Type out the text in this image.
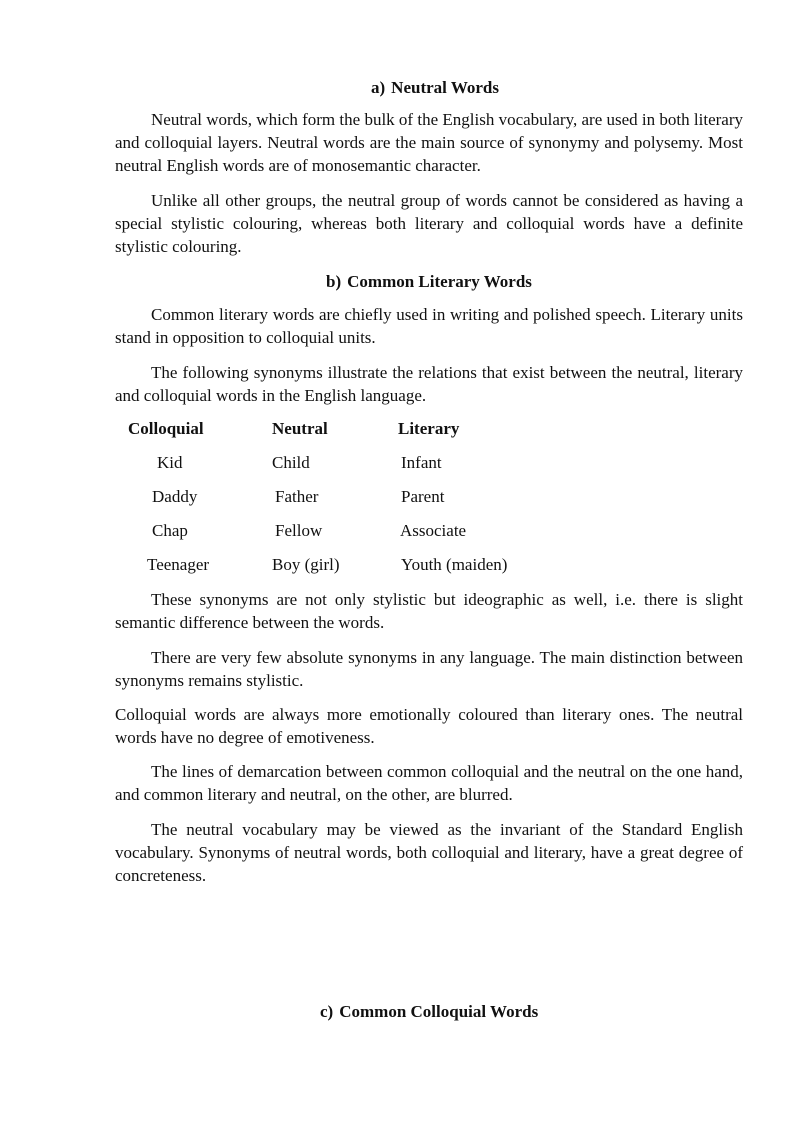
a) Neutral Words
Neutral words, which form the bulk of the English vocabulary, are used in both literary and colloquial layers. Neutral words are the main source of synonymy and polysemy. Most neutral English words are of monosemantic character.
Unlike all other groups, the neutral group of words cannot be considered as having a special stylistic colouring, whereas both literary and colloquial words have a definite stylistic colouring.
b) Common Literary Words
Common literary words are chiefly used in writing and polished speech. Literary units stand in opposition to colloquial units.
The following synonyms illustrate the relations that exist between the neutral, literary and colloquial words in the English language.
Colloquial	Neutral	Literary
Kid	Child	Infant
Daddy	Father	Parent
Chap	Fellow	Associate
Teenager	Boy (girl)	Youth (maiden)
These synonyms are not only stylistic but ideographic as well, i.e. there is slight semantic difference between the words.
There are very few absolute synonyms in any language. The main distinction between synonyms remains stylistic.
Colloquial words are always more emotionally coloured than literary ones. The neutral words have no degree of emotiveness.
The lines of demarcation between common colloquial and the neutral on the one hand, and common literary and neutral, on the other, are blurred.
The neutral vocabulary may be viewed as the invariant of the Standard English vocabulary. Synonyms of neutral words, both colloquial and literary, have a great degree of concreteness.
c) Common Colloquial Words
